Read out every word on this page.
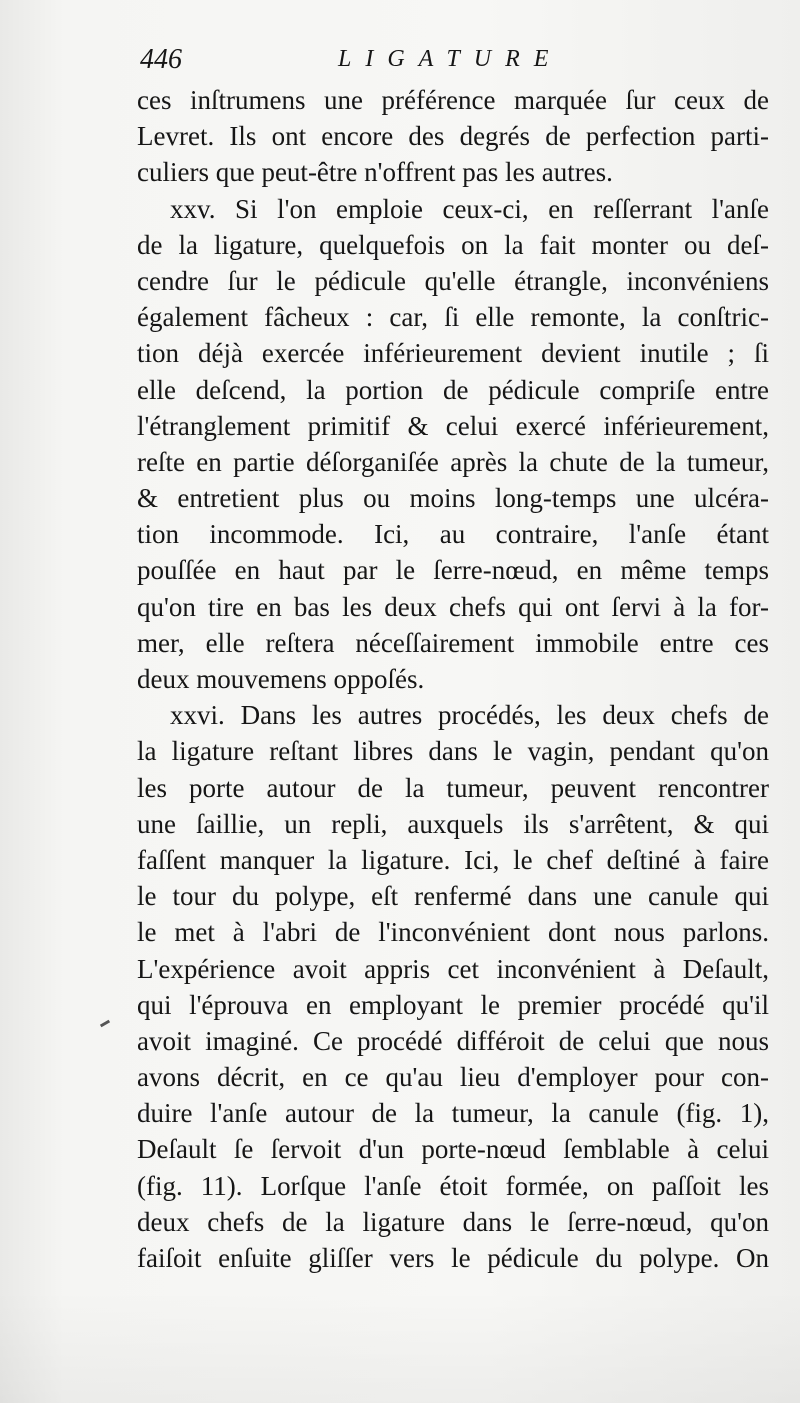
446	LIGATURE
ces inſtrumens une préférence marquée ſur ceux de
Levret. Ils ont encore des degrés de perfection parti-
culiers que peut-être n'offrent pas les autres.
xxv. Si l'on emploie ceux-ci, en reſſerrant l'anſe
de la ligature, quelquefois on la fait monter ou deſ-
cendre ſur le pédicule qu'elle étrangle, inconvéniens
également fâcheux : car, ſi elle remonte, la conſtric-
tion déjà exercée inférieurement devient inutile ; ſi
elle deſcend, la portion de pédicule compriſe entre
l'étranglement primitif & celui exercé inférieurement,
reſte en partie déſorganiſée après la chute de la tumeur,
& entretient plus ou moins long-temps une ulcéra-
tion incommode. Ici, au contraire, l'anſe étant
pouſſée en haut par le ſerre-nœud, en même temps
qu'on tire en bas les deux chefs qui ont ſervi à la for-
mer, elle reſtera néceſſairement immobile entre ces
deux mouvemens oppoſés.
xxvi. Dans les autres procédés, les deux chefs de
la ligature reſtant libres dans le vagin, pendant qu'on
les porte autour de la tumeur, peuvent rencontrer
une ſaillie, un repli, auxquels ils s'arrêtent, & qui
faſſent manquer la ligature. Ici, le chef deſtiné à faire
le tour du polype, eſt renfermé dans une canule qui
le met à l'abri de l'inconvénient dont nous parlons.
L'expérience avoit appris cet inconvénient à Deſault,
qui l'éprouva en employant le premier procédé qu'il
avoit imaginé. Ce procédé différoit de celui que nous
avons décrit, en ce qu'au lieu d'employer pour con-
duire l'anſe autour de la tumeur, la canule (fig. 1),
Deſault ſe ſervoit d'un porte-nœud ſemblable à celui
(fig. 11). Lorſque l'anſe étoit formée, on paſſoit les
deux chefs de la ligature dans le ſerre-nœud, qu'on
faiſoit enſuite gliſſer vers le pédicule du polype. On
